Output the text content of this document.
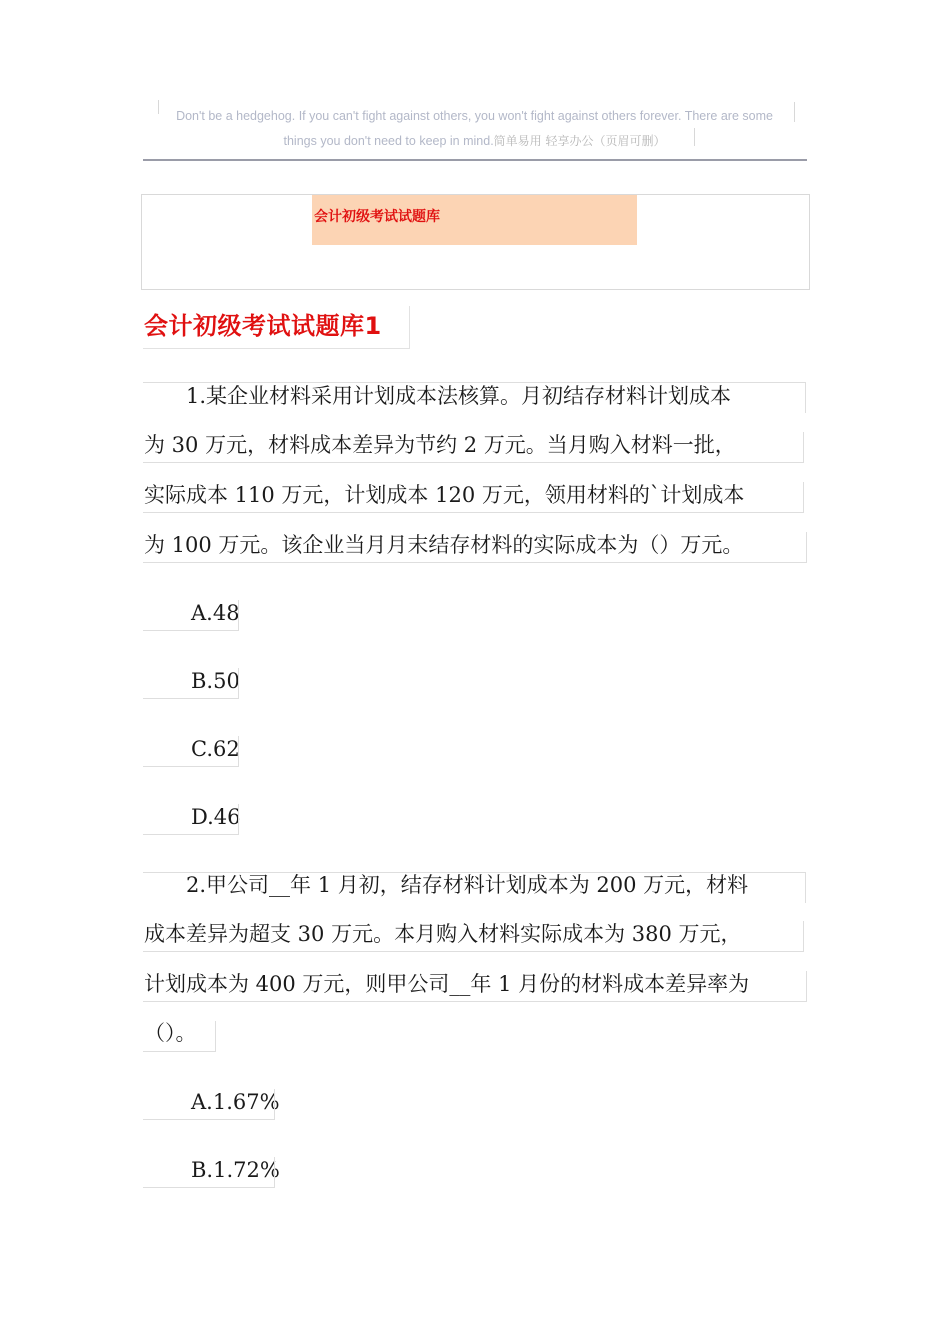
Don't be a hedgehog. If you can't fight against others, you won't fight against others forever. There are some
things you don't need to keep in mind.简单易用 轻享办公（页眉可删）
会计初级考试试题库
会计初级考试试题库1
　　1.某企业材料采用计划成本法核算。月初结存材料计划成本
为 30 万元，材料成本差异为节约 2 万元。当月购入材料一批，
实际成本 110 万元，计划成本 120 万元，领用材料的`计划成本
为 100 万元。该企业当月月末结存材料的实际成本为（）万元。
A.48
B.50
C.62
D.46
　　2.甲公司__年 1 月初，结存材料计划成本为 200 万元，材料
成本差异为超支 30 万元。本月购入材料实际成本为 380 万元，
计划成本为 400 万元，则甲公司__年 1 月份的材料成本差异率为
（）。
A.1.67%
B.1.72%
